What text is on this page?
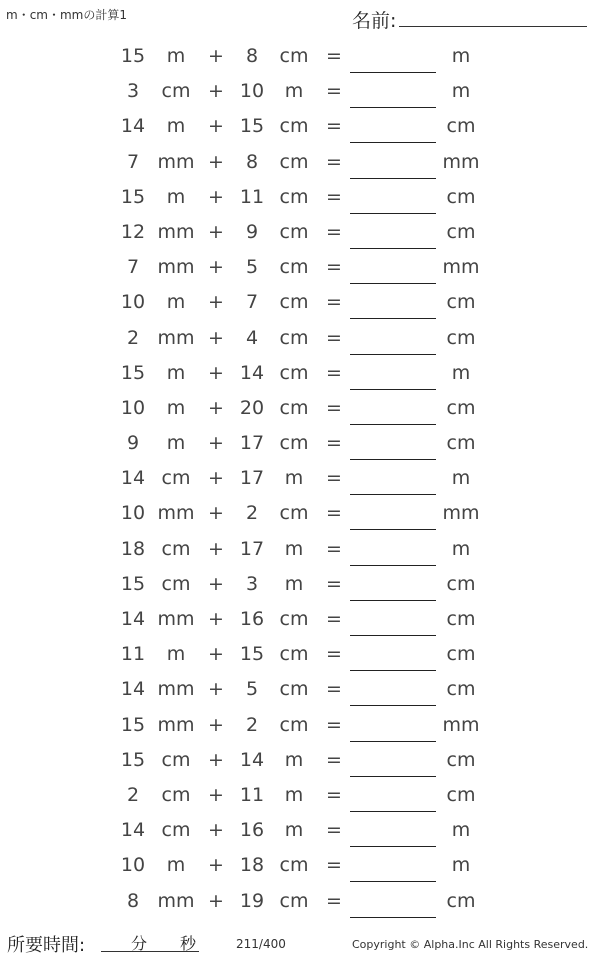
m・cm・mmの計算1	名前:
15	m	+	8	cm =	m
3	cm + 10	m	=	m
14	m	+ 15 cm =	cm
7 mm +	8	cm =	mm
15	m	+ 11 cm =	cm
12 mm +	9	cm =	cm
7 mm +	5	cm =	mm
10	m	+	7	cm =	cm
2 mm +	4	cm =	cm
15	m	+ 14 cm =	m
10	m	+ 20 cm =	cm
9	m	+ 17 cm =	cm
14 cm + 17	m	=	m
10 mm +	2	cm =	mm
18 cm + 17	m	=	m
15 cm +	3	m	=	cm
14 mm + 16 cm =	cm
11	m	+ 15 cm =	cm
14 mm +	5	cm =	cm
15 mm +	2	cm =	mm
15 cm + 14	m	=	cm
2	cm + 11	m	=	cm
14 cm + 16	m	=	m
10	m	+ 18 cm =	m
8 mm + 19 cm =	cm
所要時間:	分 秒	211/400	Copyright © Alpha.Inc All Rights Reserved.
